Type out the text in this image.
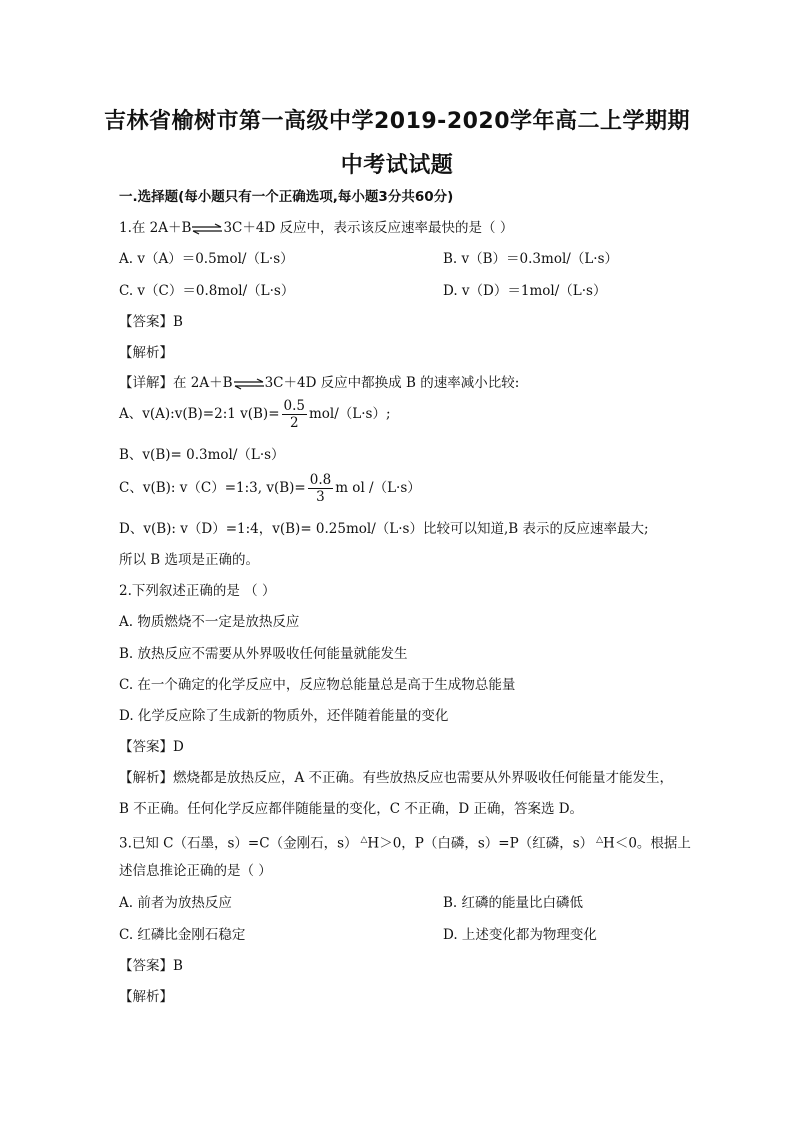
吉林省榆树市第一高级中学2019-2020学年高二上学期期
中考试试题
一.选择题(每小题只有一个正确选项,每小题3分共60分)
1.在 2A＋B⇌3C＋4D 反应中，表示该反应速率最快的是（ ）
A. v（A）＝0.5mol/（L·s）	B. v（B）＝0.3mol/（L·s）
C. v（C）＝0.8mol/（L·s）	D. v（D）＝1mol/（L·s）
【答案】B
【解析】
【详解】在 2A＋B⇌3C＋4D 反应中都换成 B 的速率减小比较:
A、v(A):v(B)=2:1 $v(B)= \frac{0.5}{2} mol/(L\cdot s)$;
B、v(B)= 0.3mol/（L·s）
C、v(B): v（C）=1:3, $v(B)= \frac{0.8}{3}$ m ol /（L·s）
D、v(B): v（D）=1:4，v(B)= 0.25mol/（L·s）比较可以知道,B 表示的反应速率最大;
所以 B 选项是正确的。
2.下列叙述正确的是 （ ）
A. 物质燃烧不一定是放热反应
B. 放热反应不需要从外界吸收任何能量就能发生
C. 在一个确定的化学反应中，反应物总能量总是高于生成物总能量
D. 化学反应除了生成新的物质外，还伴随着能量的变化
【答案】D
【解析】燃烧都是放热反应，A 不正确。有些放热反应也需要从外界吸收任何能量才能发生，
B 不正确。任何化学反应都伴随能量的变化，C 不正确，D 正确，答案选 D。
3.已知 C（石墨，s）=C（金刚石，s） △H＞0，P（白磷，s）=P（红磷，s） △H＜0。根据上
述信息推论正确的是（ ）
A. 前者为放热反应	B. 红磷的能量比白磷低
C. 红磷比金刚石稳定	D. 上述变化都为物理变化
【答案】B
【解析】
